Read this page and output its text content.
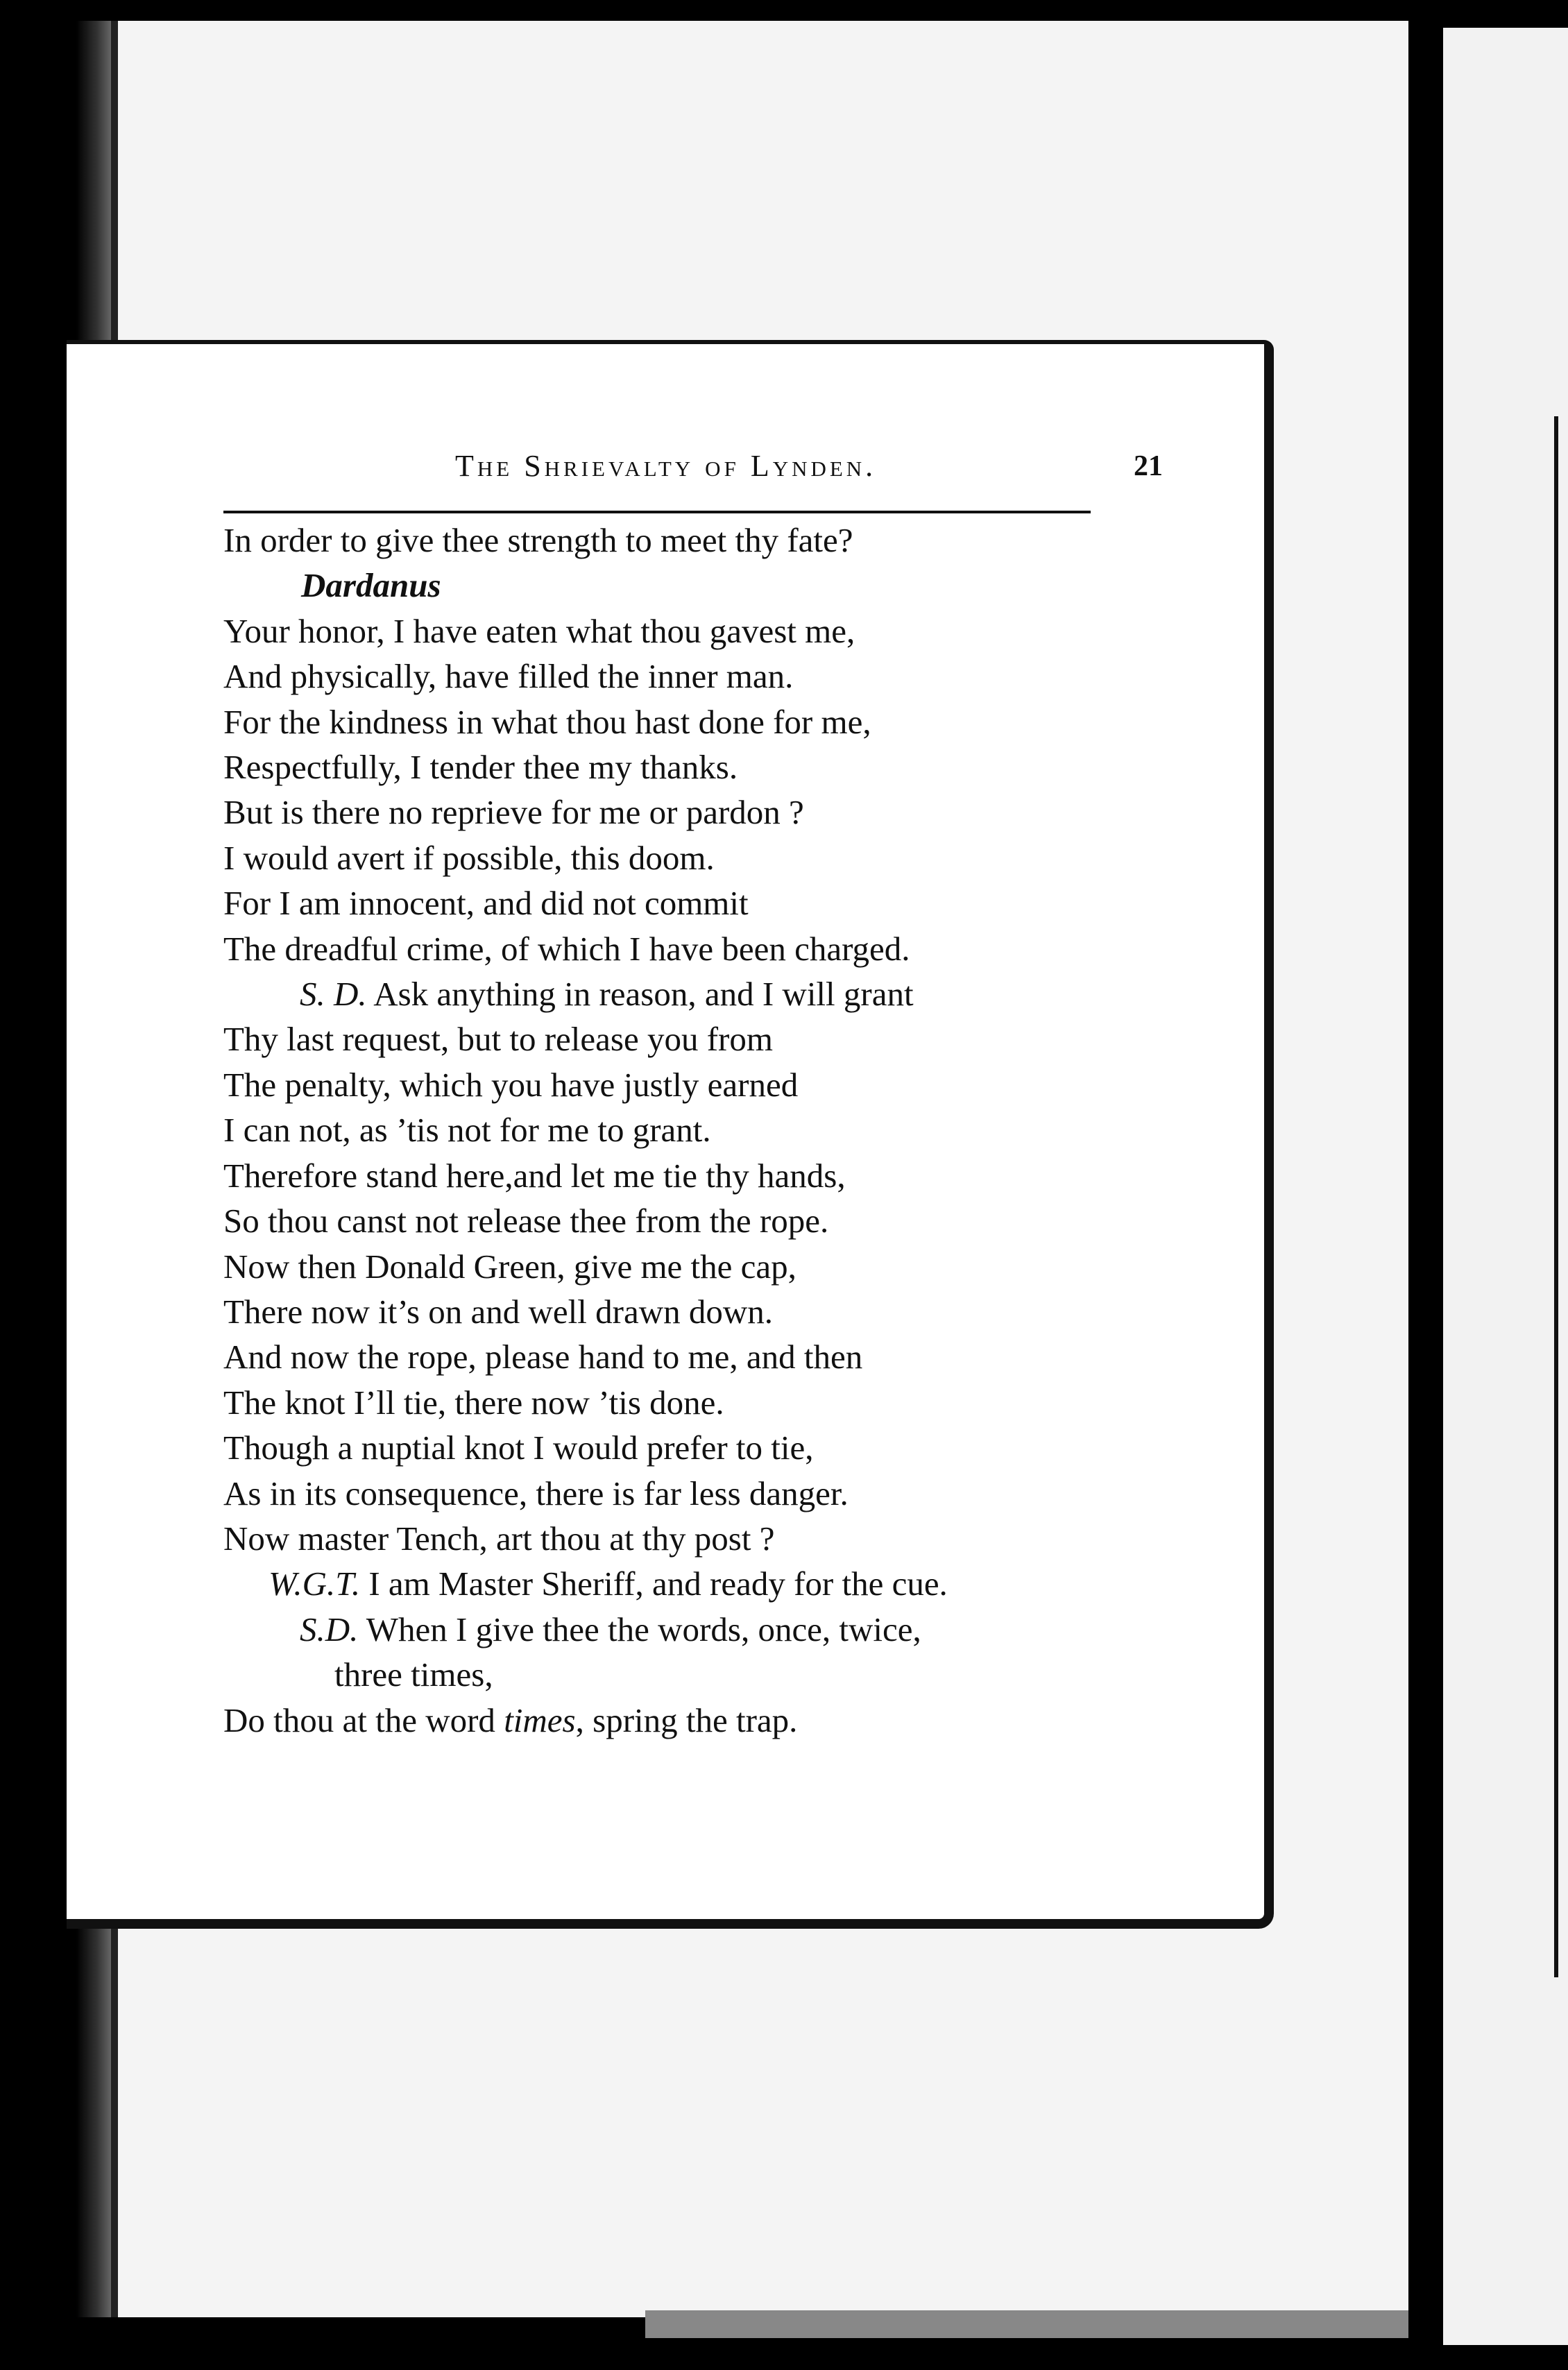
The Shrievalty of Lynden.	21
In order to give thee strength to meet thy fate?
Dardanus
Your honor, I have eaten what thou gavest me,
And physically, have filled the inner man.
For the kindness in what thou hast done for me,
Respectfully, I tender thee my thanks.
But is there no reprieve for me or pardon ?
I would avert if possible, this doom.
For I am innocent, and did not commit
The dreadful crime, of which I have been charged.
S. D. Ask anything in reason, and I will grant
Thy last request, but to release you from
The penalty, which you have justly earned
I can not, as ’tis not for me to grant.
Therefore stand here,and let me tie thy hands,
So thou canst not release thee from the rope.
Now then Donald Green, give me the cap,
There now it’s on and well drawn down.
And now the rope, please hand to me, and then
The knot I’ll tie, there now ’tis done.
Though a nuptial knot I would prefer to tie,
As in its consequence, there is far less danger.
Now master Tench, art thou at thy post ?
W.G.T. I am Master Sheriff, and ready for the cue.
S.D. When I give thee the words, once, twice,
three times,
Do thou at the word times, spring the trap.
